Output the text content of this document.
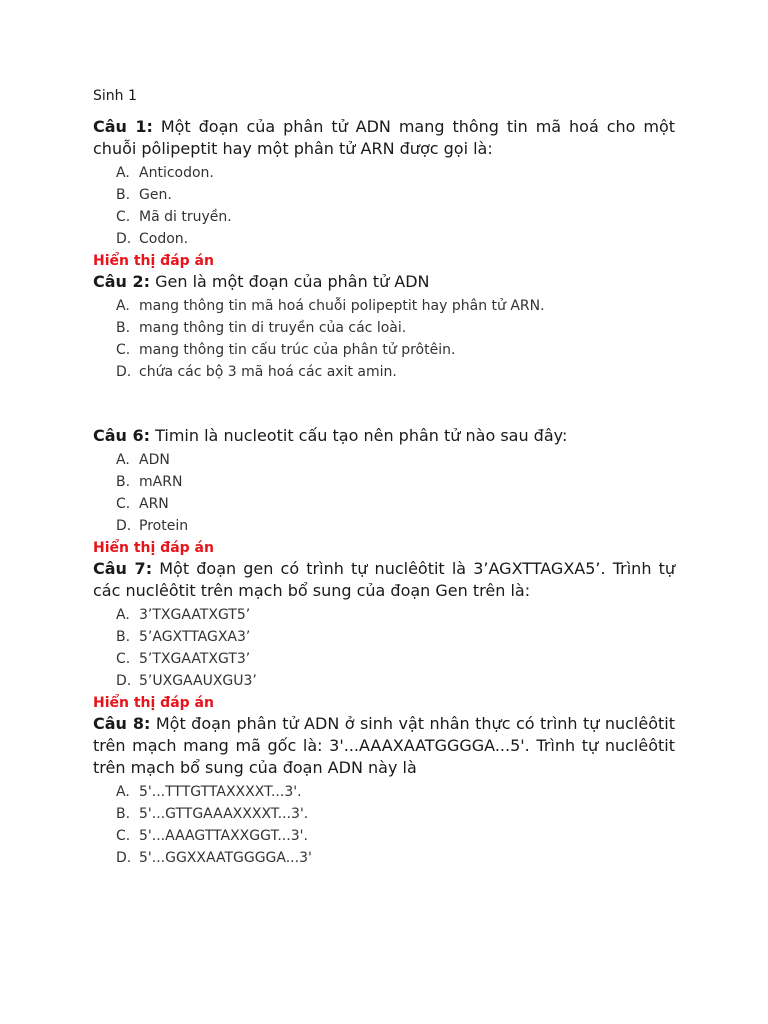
Sinh 1

Câu 1: Một đoạn của phân tử ADN mang thông tin mã hoá cho một chuỗi pôlipeptit hay một phân tử ARN được gọi là:

A. Anticodon.
B. Gen.
C. Mã di truyền.
D. Codon.
Hiển thị đáp án

Câu 2: Gen là một đoạn của phân tử ADN

A. mang thông tin mã hoá chuỗi polipeptit hay phân tử ARN.
B. mang thông tin di truyền của các loài.
C. mang thông tin cấu trúc của phân tử prôtêin.
D. chứa các bộ 3 mã hoá các axit amin.

Câu 6: Timin là nucleotit cấu tạo nên phân tử nào sau đây:

A. ADN
B. mARN
C. ARN
D. Protein
Hiển thị đáp án

Câu 7: Một đoạn gen có trình tự nuclêôtit là 3’AGXTTAGXA5’. Trình tự các nuclêôtit trên mạch bổ sung của đoạn Gen trên là:

A. 3’TXGAATXGT5’
B. 5’AGXTTAGXA3’
C. 5’TXGAATXGT3’
D. 5’UXGAAUXGU3’
Hiển thị đáp án

Câu 8: Một đoạn phân tử ADN ở sinh vật nhân thực có trình tự nuclêôtit trên mạch mang mã gốc là: 3'...AAAXAATGGGGA...5'. Trình tự nuclêôtit trên mạch bổ sung của đoạn ADN này là

A. 5'...TTTGTTAXXXXT...3'.
B. 5'...GTTGAAAXXXXT...3'.
C. 5'...AAAGTTAXXGGT...3'.
D. 5'...GGXXAATGGGGA...3'
